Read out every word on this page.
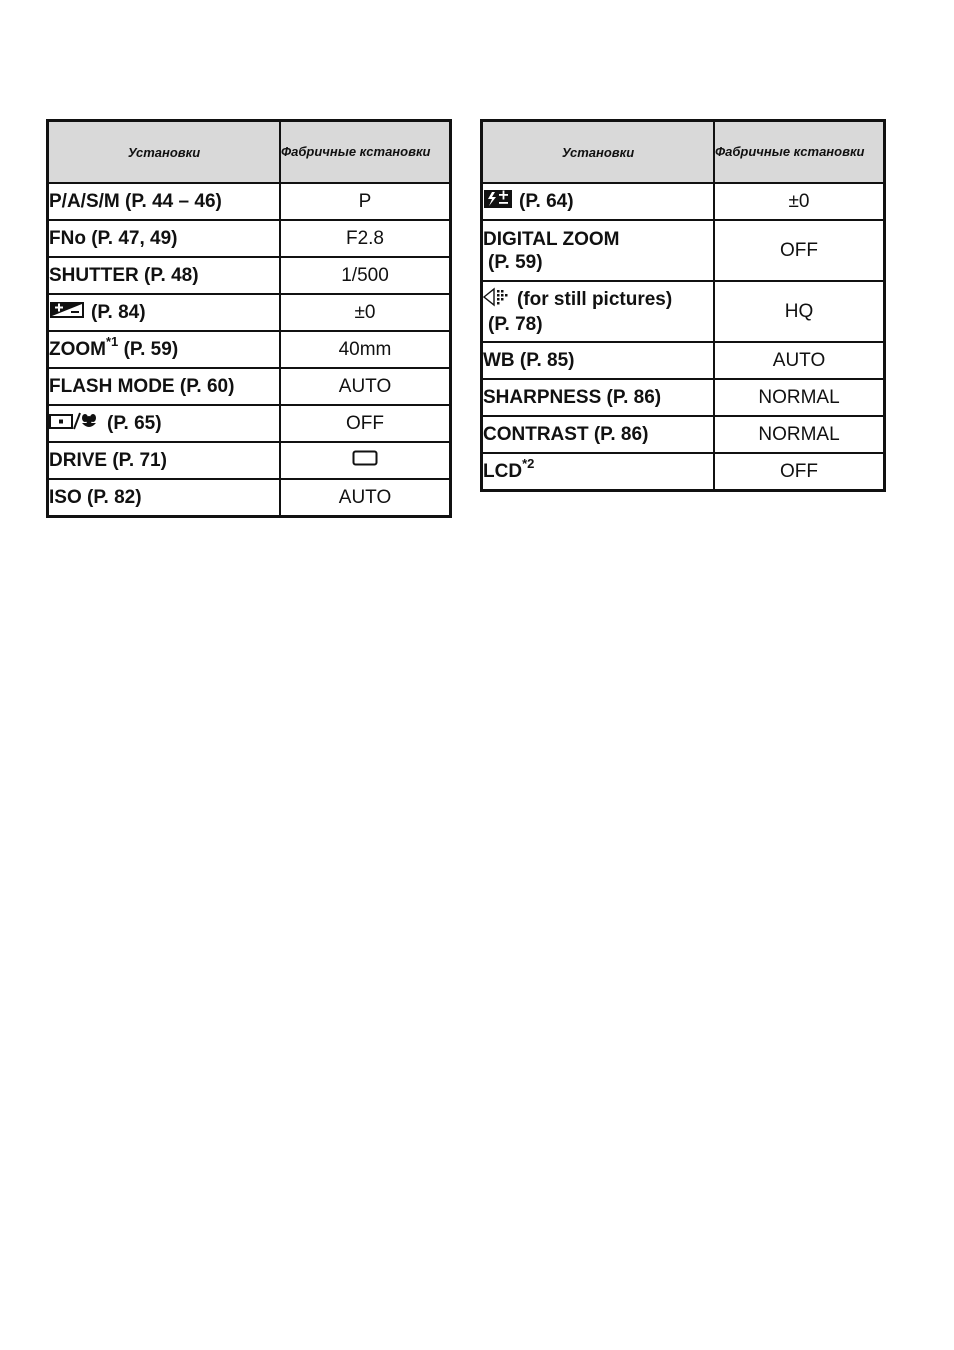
Установки	Фабричные кстановки
P/A/S/M (P. 44 – 46)	P
FNo (P. 47, 49)	F2.8
SHUTTER (P. 48)	1/500
(P. 84)	±0
ZOOM$^{*1}$ (P. 59)	40mm
FLASH MODE (P. 60)	AUTO
(P. 65)	OFF
DRIVE (P. 71)	
ISO (P. 82)	AUTO
Установки	Фабричные кстановки
(P. 64)	±0

DIGITAL ZOOM
(P. 59)	OFF

(for still pictures)
(P. 78)	HQ
WB (P. 85)	AUTO
SHARPNESS (P. 86)	NORMAL
CONTRAST (P. 86)	NORMAL
LCD$^{*2}$	OFF
